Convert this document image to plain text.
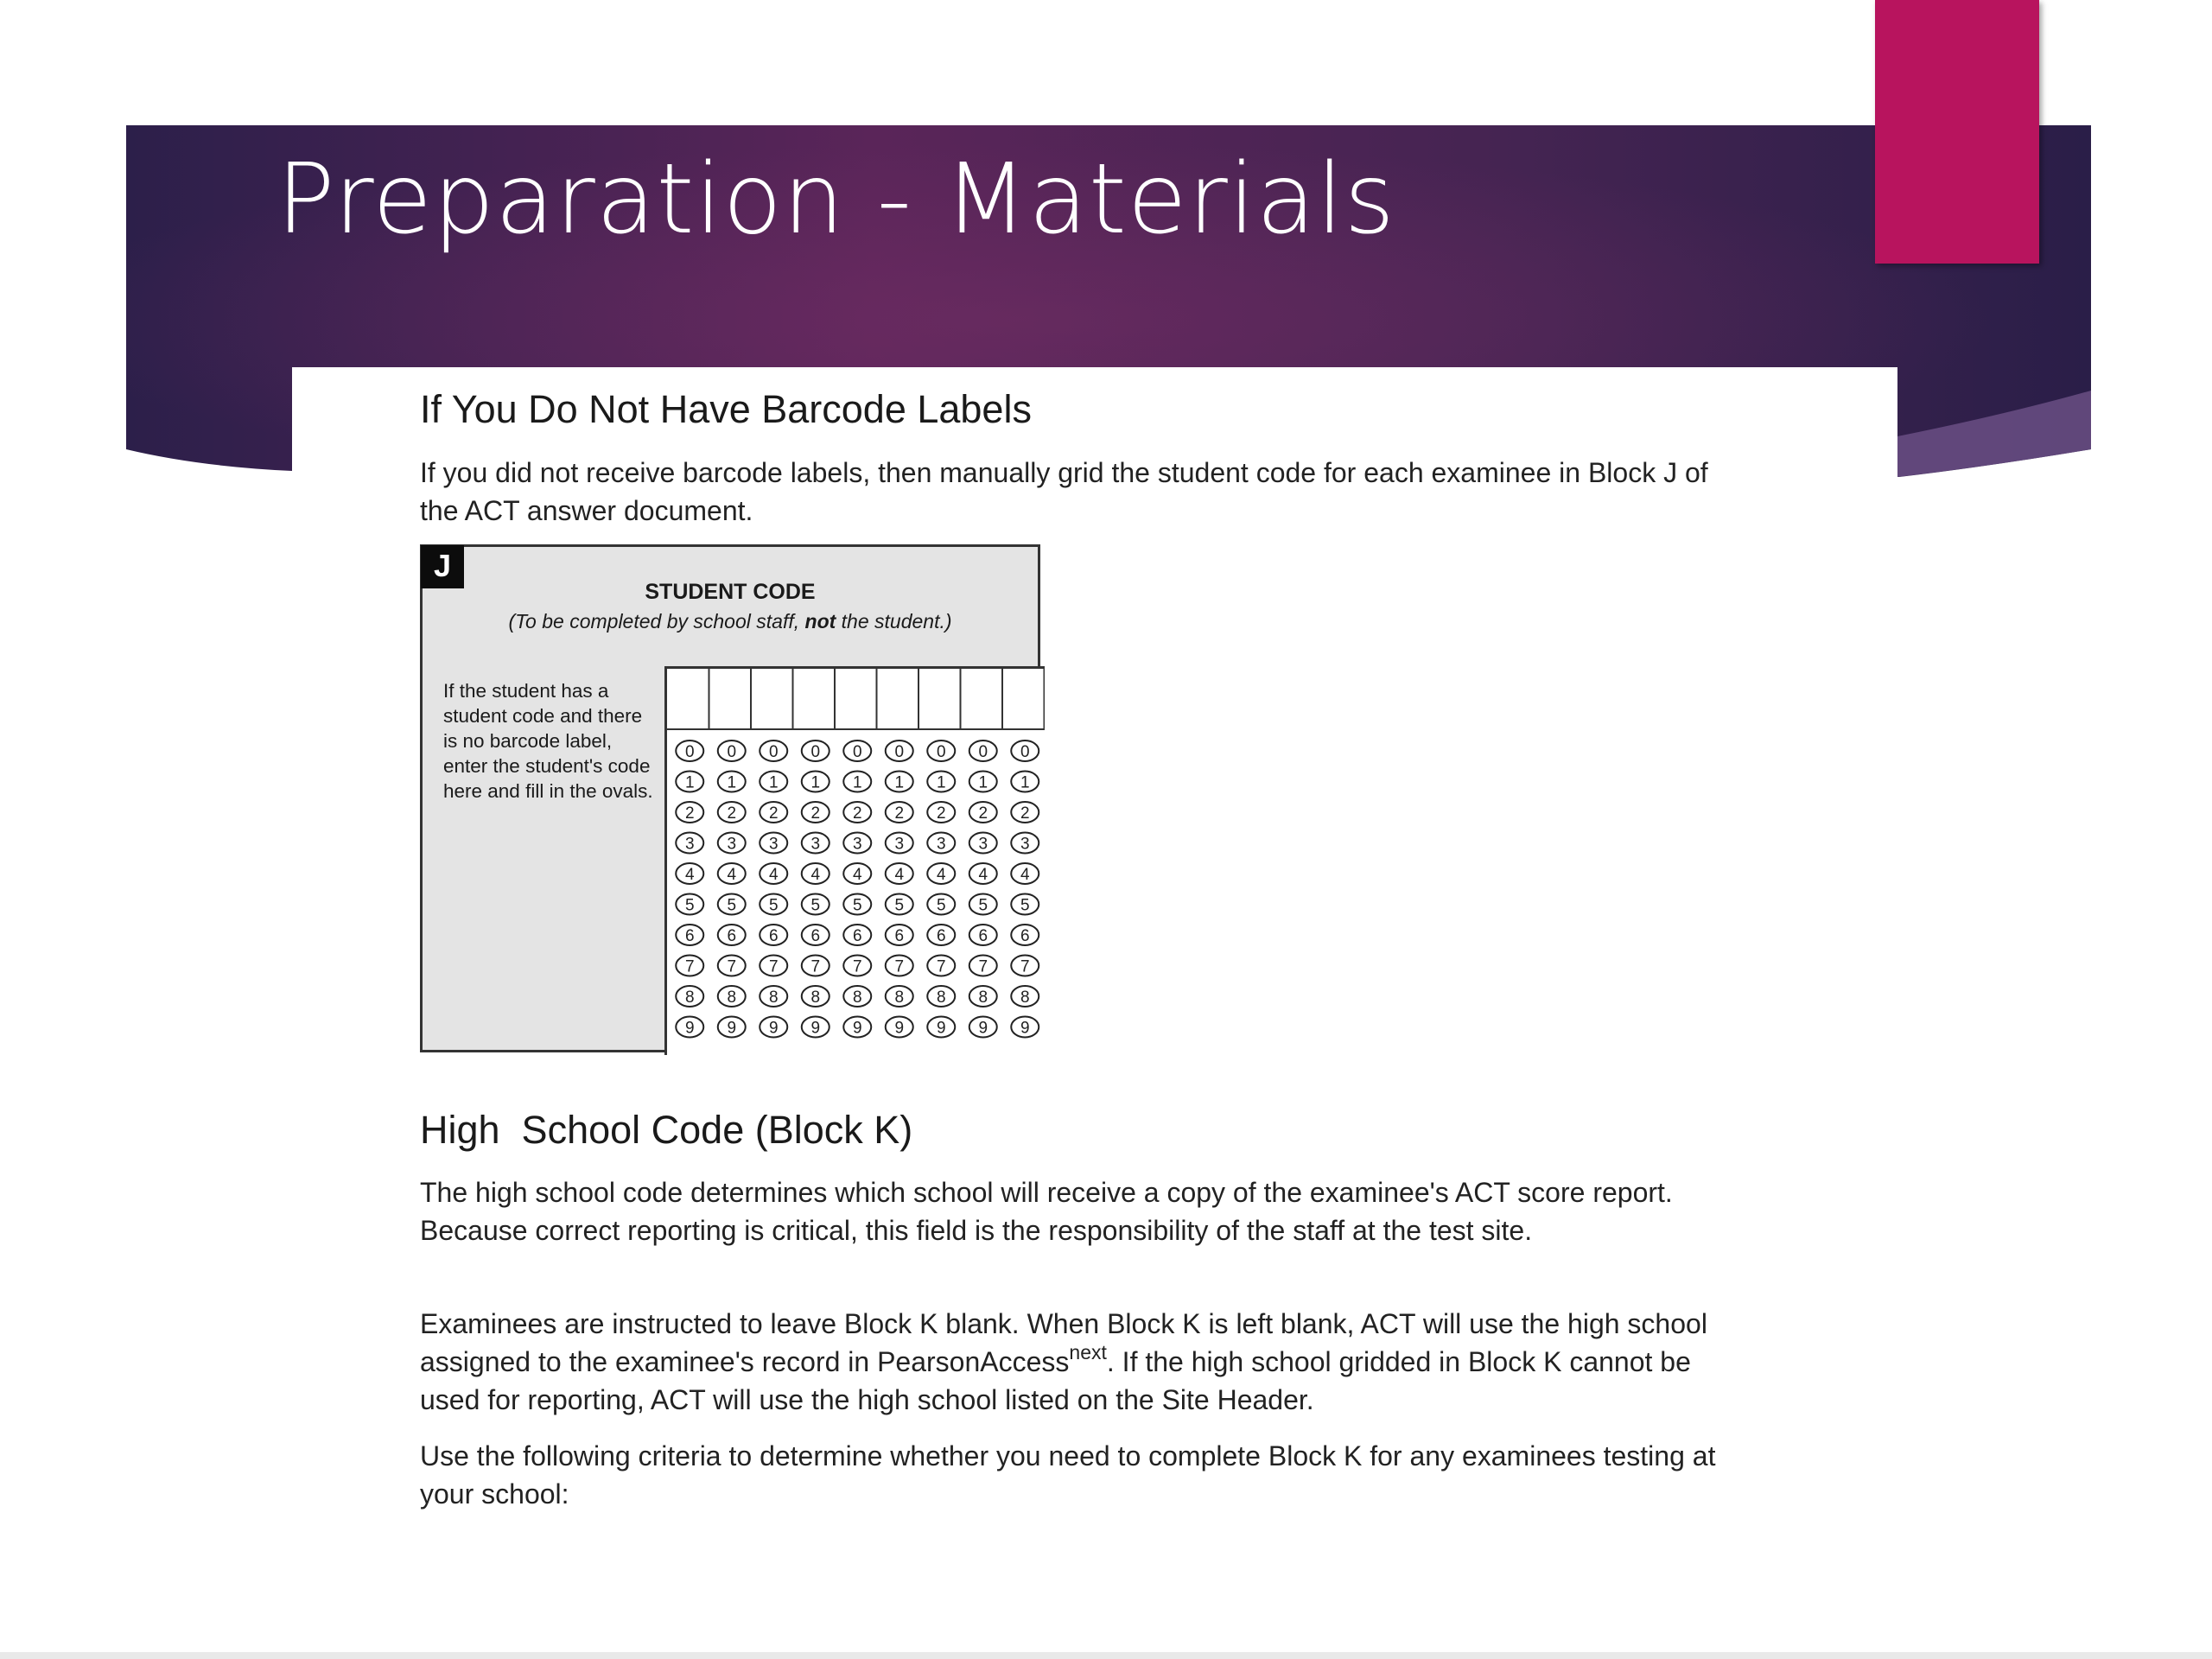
Preparation - Materials
If You Do Not Have Barcode Labels
If you did not receive barcode labels, then manually grid the student code for each examinee in Block J of the ACT answer document.
J
STUDENT CODE
(To be completed by school staff, not the student.)
If the student has a student code and there is no barcode label, enter the student's code here and fill in the ovals.
0 0 0 0 0 0 0 0 0
1 1 1 1 1 1 1 1 1
2 2 2 2 2 2 2 2 2
3 3 3 3 3 3 3 3 3
4 4 4 4 4 4 4 4 4
5 5 5 5 5 5 5 5 5
6 6 6 6 6 6 6 6 6
7 7 7 7 7 7 7 7 7
8 8 8 8 8 8 8 8 8
9 9 9 9 9 9 9 9 9
High  School Code (Block K)
The high school code determines which school will receive a copy of the examinee's ACT score report. Because correct reporting is critical, this field is the responsibility of the staff at the test site.
Examinees are instructed to leave Block K blank. When Block K is left blank, ACT will use the high school assigned to the examinee's record in PearsonAccess$^{next}$. If the high school gridded in Block K cannot be used for reporting, ACT will use the high school listed on the Site Header.
Use the following criteria to determine whether you need to complete Block K for any examinees testing at your school:
